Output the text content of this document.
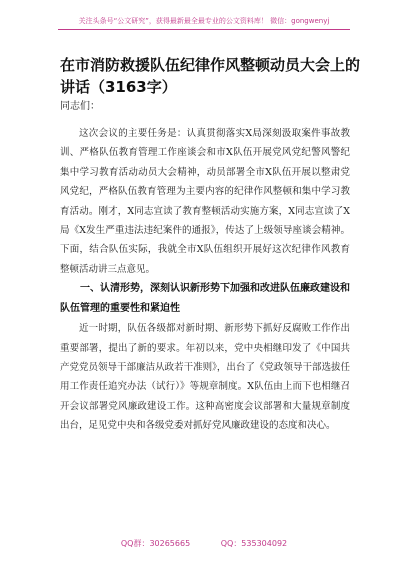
关注头条号“公文研究”，获得最新最全最专业的公文资料库！ 微信：gongwenyj
在市消防救援队伍纪律作风整顿动员大会上的讲话（3163字）

同志们：

这次会议的主要任务是：认真贯彻落实X局深刻汲取案件事故教训、严格队伍教育管理工作座谈会和市X队伍开展党风党纪警风警纪集中学习教育活动动员大会精神，动员部署全市X队伍开展以整肃党风党纪，严格队伍教育管理为主要内容的纪律作风整顿和集中学习教育活动。刚才，X同志宣读了教育整顿活动实施方案，X同志宣读了X局《X发生严重违法违纪案件的通报》，传达了上级领导座谈会精神。下面，结合队伍实际，我就全市X队伍组织开展好这次纪律作风教育整顿活动讲三点意见。

一、认清形势，深刻认识新形势下加强和改进队伍廉政建设和队伍管理的重要性和紧迫性

近一时期，队伍各级都对新时期、新形势下抓好反腐败工作作出重要部署，提出了新的要求。年初以来，党中央相继印发了《中国共产党党员领导干部廉洁从政若干准则》，出台了《党政领导干部选拔任用工作责任追究办法（试行）》等规章制度。X队伍由上而下也相继召开会议部署党风廉政建设工作。这种高密度会议部署和大量规章制度出台，足见党中央和各级党委对抓好党风廉政建设的态度和决心。

QQ群：30265665	QQ：535304092
